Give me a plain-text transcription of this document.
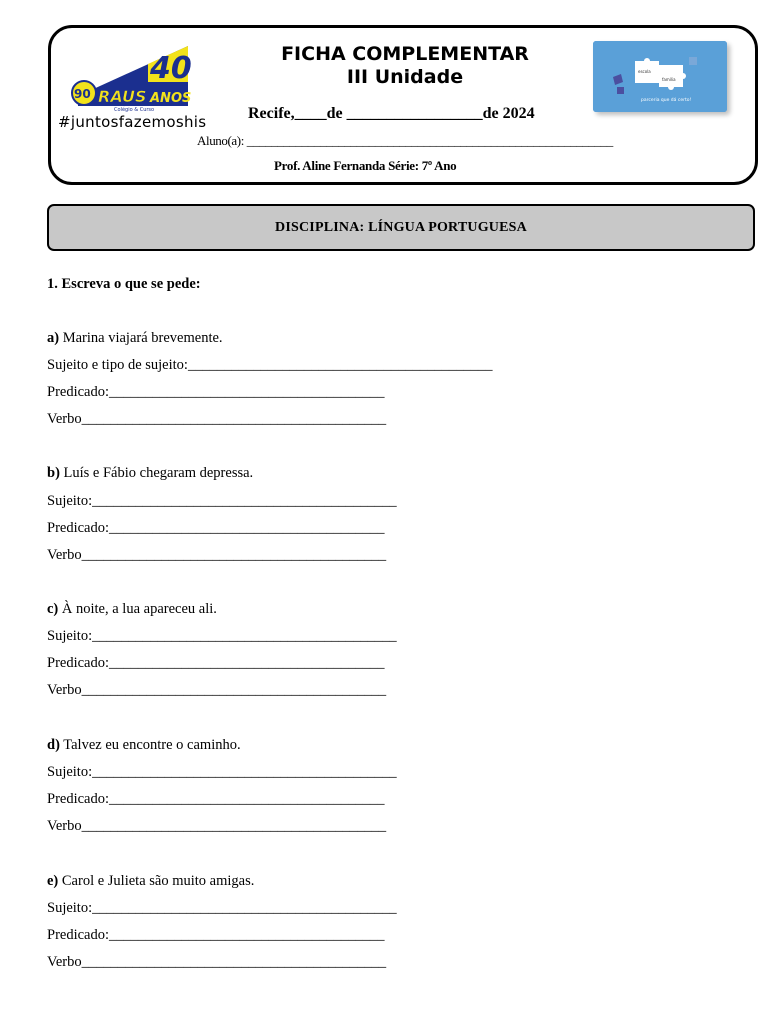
40
ANOS
90 RAUS
Colégio & Curso
#juntosfazemoshis
FICHA COMPLEMENTAR
III Unidade
Recife,____de _________________de 2024
Aluno(a): ____________________________________________________________
Prof. Aline Fernanda Série: 7º Ano
escola
família
parceria que dá certo!
DISCIPLINA: LÍNGUA PORTUGUESA
1. Escreva o que se pede:
a) Marina viajará brevemente.
Sujeito e tipo de sujeito:__________________________________________
Predicado:______________________________________
Verbo__________________________________________
b) Luís e Fábio chegaram depressa.
Sujeito:__________________________________________
Predicado:______________________________________
Verbo__________________________________________
c) À noite, a lua apareceu ali.
Sujeito:__________________________________________
Predicado:______________________________________
Verbo__________________________________________
d) Talvez eu encontre o caminho.
Sujeito:__________________________________________
Predicado:______________________________________
Verbo__________________________________________
e) Carol e Julieta são muito amigas.
Sujeito:__________________________________________
Predicado:______________________________________
Verbo__________________________________________
